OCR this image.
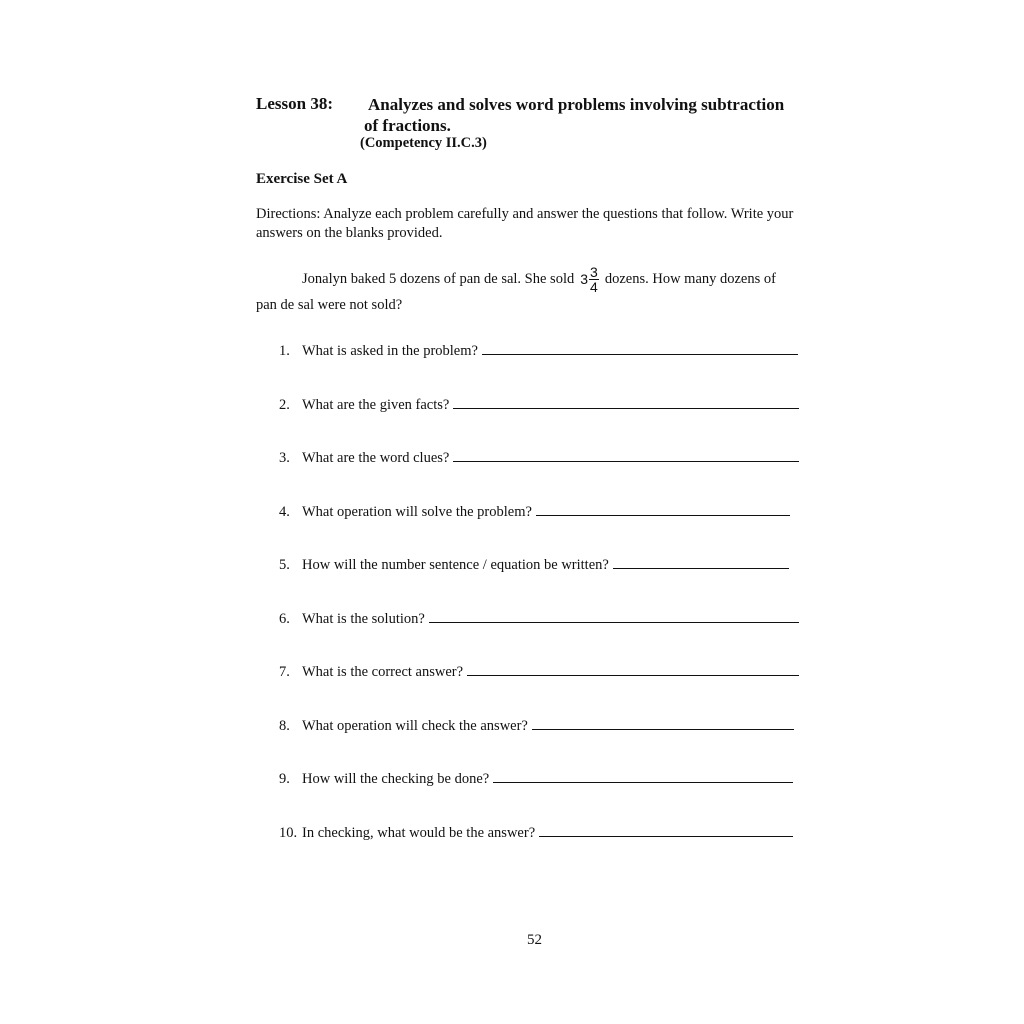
Lesson 38: Analyzes and solves word problems involving subtraction
of fractions.
(Competency II.C.3)
Exercise Set A
Directions: Analyze each problem carefully and answer the questions that follow. Write your answers on the blanks provided.
Jonalyn baked 5 dozens of pan de sal. She sold $3 \frac{3}{4}$ dozens. How many dozens of
pan de sal were not sold?
1. What is asked in the problem?
2. What are the given facts?
3. What are the word clues?
4. What operation will solve the problem?
5. How will the number sentence / equation be written?
6. What is the solution?
7. What is the correct answer?
8. What operation will check the answer?
9. How will the checking be done?
10. In checking, what would be the answer?
52
